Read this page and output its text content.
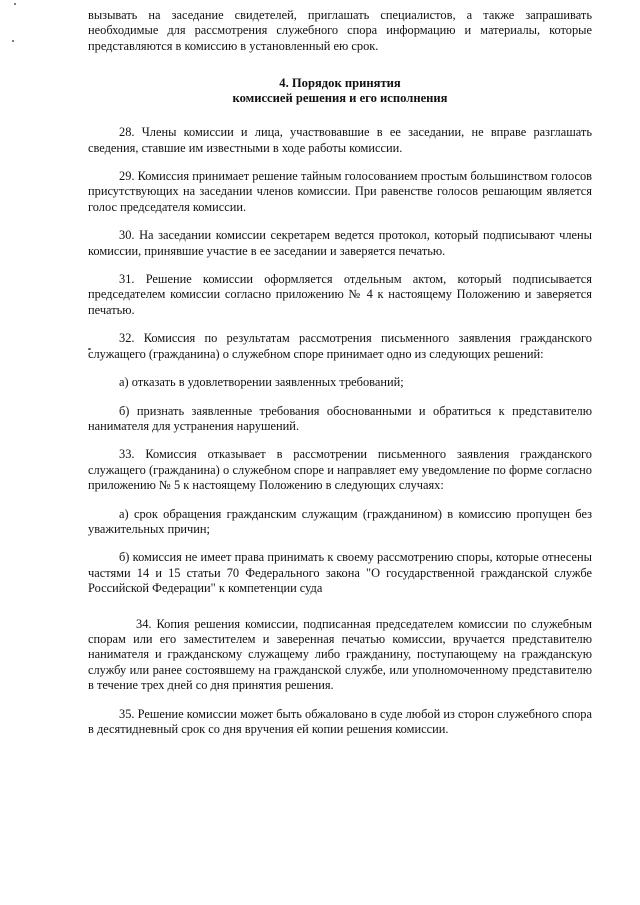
вызывать на заседание свидетелей, приглашать специалистов, а также запрашивать необходимые для рассмотрения служебного спора информацию и материалы, которые представляются в комиссию в установленный ею срок.

4. Порядок принятия
комиссией решения и его исполнения

28. Члены комиссии и лица, участвовавшие в ее заседании, не вправе разглашать сведения, ставшие им известными в ходе работы комиссии.

29. Комиссия принимает решение тайным голосованием простым большинством голосов присутствующих на заседании членов комиссии. При равенстве голосов решающим является голос председателя комиссии.

30. На заседании комиссии секретарем ведется протокол, который подписывают члены комиссии, принявшие участие в ее заседании и заверяется печатью.

31. Решение комиссии оформляется отдельным актом, который подписывается председателем комиссии согласно приложению № 4 к настоящему Положению и заверяется печатью.

32. Комиссия по результатам рассмотрения письменного заявления гражданского служащего (гражданина) о служебном споре принимает одно из следующих решений:

а) отказать в удовлетворении заявленных требований;

б) признать заявленные требования обоснованными и обратиться к представителю нанимателя для устранения нарушений.

33. Комиссия отказывает в рассмотрении письменного заявления гражданского служащего (гражданина) о служебном споре и направляет ему уведомление по форме согласно приложению № 5 к настоящему Положению в следующих случаях:

а) срок обращения гражданским служащим (гражданином) в комиссию пропущен без уважительных причин;

б) комиссия не имеет права принимать к своему рассмотрению споры, которые отнесены частями 14 и 15 статьи 70 Федерального закона "О государственной гражданской службе Российской Федерации" к компетенции суда

34. Копия решения комиссии, подписанная председателем комиссии по служебным спорам или его заместителем и заверенная печатью комиссии, вручается представителю нанимателя и гражданскому служащему либо гражданину, поступающему на гражданскую службу или ранее состоявшему на гражданской службе, или уполномоченному представителю в течение трех дней со дня принятия решения.

35. Решение комиссии может быть обжаловано в суде любой из сторон служебного спора в десятидневный срок со дня вручения ей копии решения комиссии.
